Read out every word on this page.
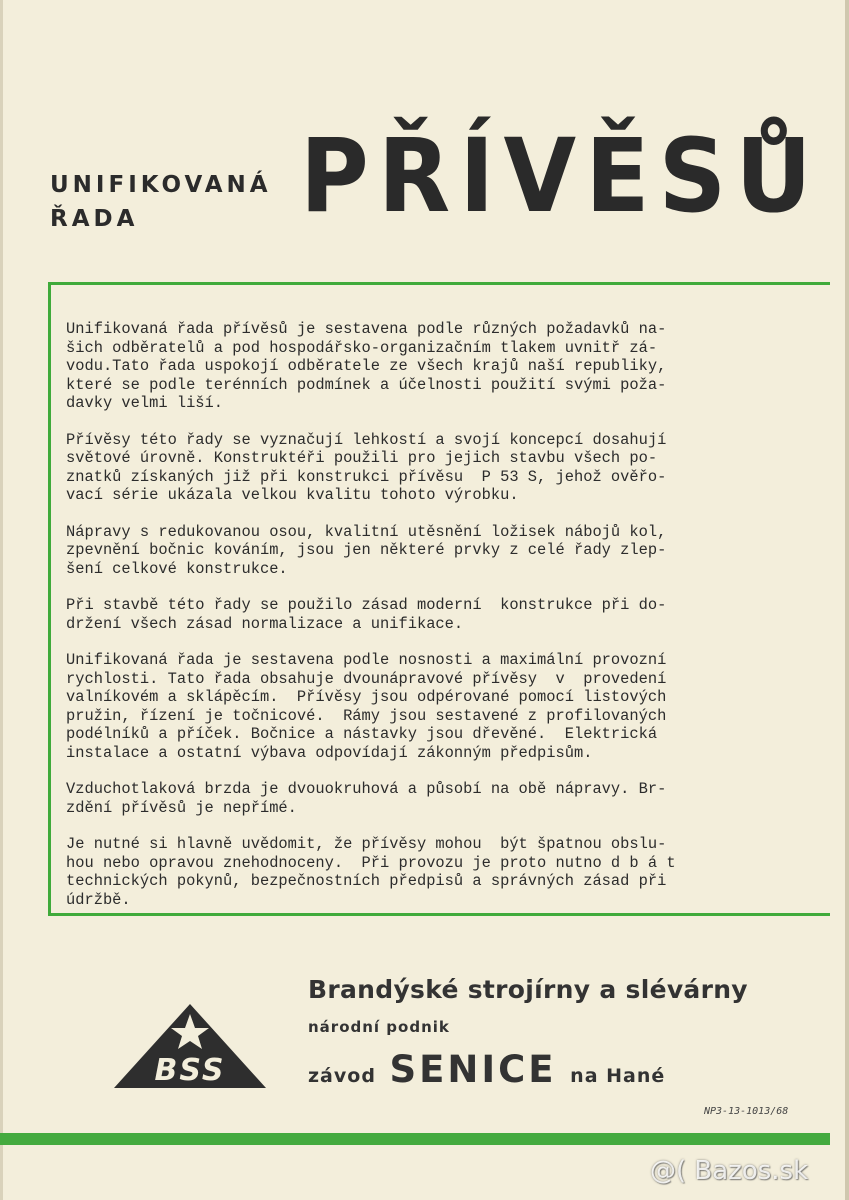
UNIFIKOVANÁ
ŘADA	PŘÍVĚSŮ

Unifikovaná řada přívěsů je sestavena podle různých požadavků na-
šich odběratelů a pod hospodářsko-organizačním tlakem uvnitř zá-
vodu.Tato řada uspokojí odběratele ze všech krajů naší republiky,
které se podle terénních podmínek a účelnosti použití svými poža-
davky velmi liší.

Přívěsy této řady se vyznačují lehkostí a svojí koncepcí dosahují
světové úrovně. Konstruktéři použili pro jejich stavbu všech po-
znatků získaných již při konstrukci přívěsu  P 53 S, jehož ověřo-
vací série ukázala velkou kvalitu tohoto výrobku.

Nápravy s redukovanou osou, kvalitní utěsnění ložisek nábojů kol,
zpevnění bočnic kováním, jsou jen některé prvky z celé řady zlep-
šení celkové konstrukce.

Při stavbě této řady se použilo zásad moderní  konstrukce při do-
držení všech zásad normalizace a unifikace.

Unifikovaná řada je sestavena podle nosnosti a maximální provozní
rychlosti. Tato řada obsahuje dvounápravové přívěsy  v  provedení
valníkovém a sklápěcím.  Přívěsy jsou odpérované pomocí listových
pružin, řízení je točnicové.  Rámy jsou sestavené z profilovaných
podélníků a příček. Bočnice a nástavky jsou dřevěné.  Elektrická
instalace a ostatní výbava odpovídají zákonným předpisům.

Vzduchotlaková brzda je dvouokruhová a působí na obě nápravy. Br-
zdění přívěsů je nepřímé.

Je nutné si hlavně uvědomit, že přívěsy mohou  být špatnou obslu-
hou nebo opravou znehodnoceny.  Při provozu je proto nutno d b á t
technických pokynů, bezpečnostních předpisů a správných zásad při
údržbě.

BSS
Brandýské strojírny a slévárny
národní podnik
závod SENICE na Hané
NP3-13-1013/68
@( Bazos.sk
